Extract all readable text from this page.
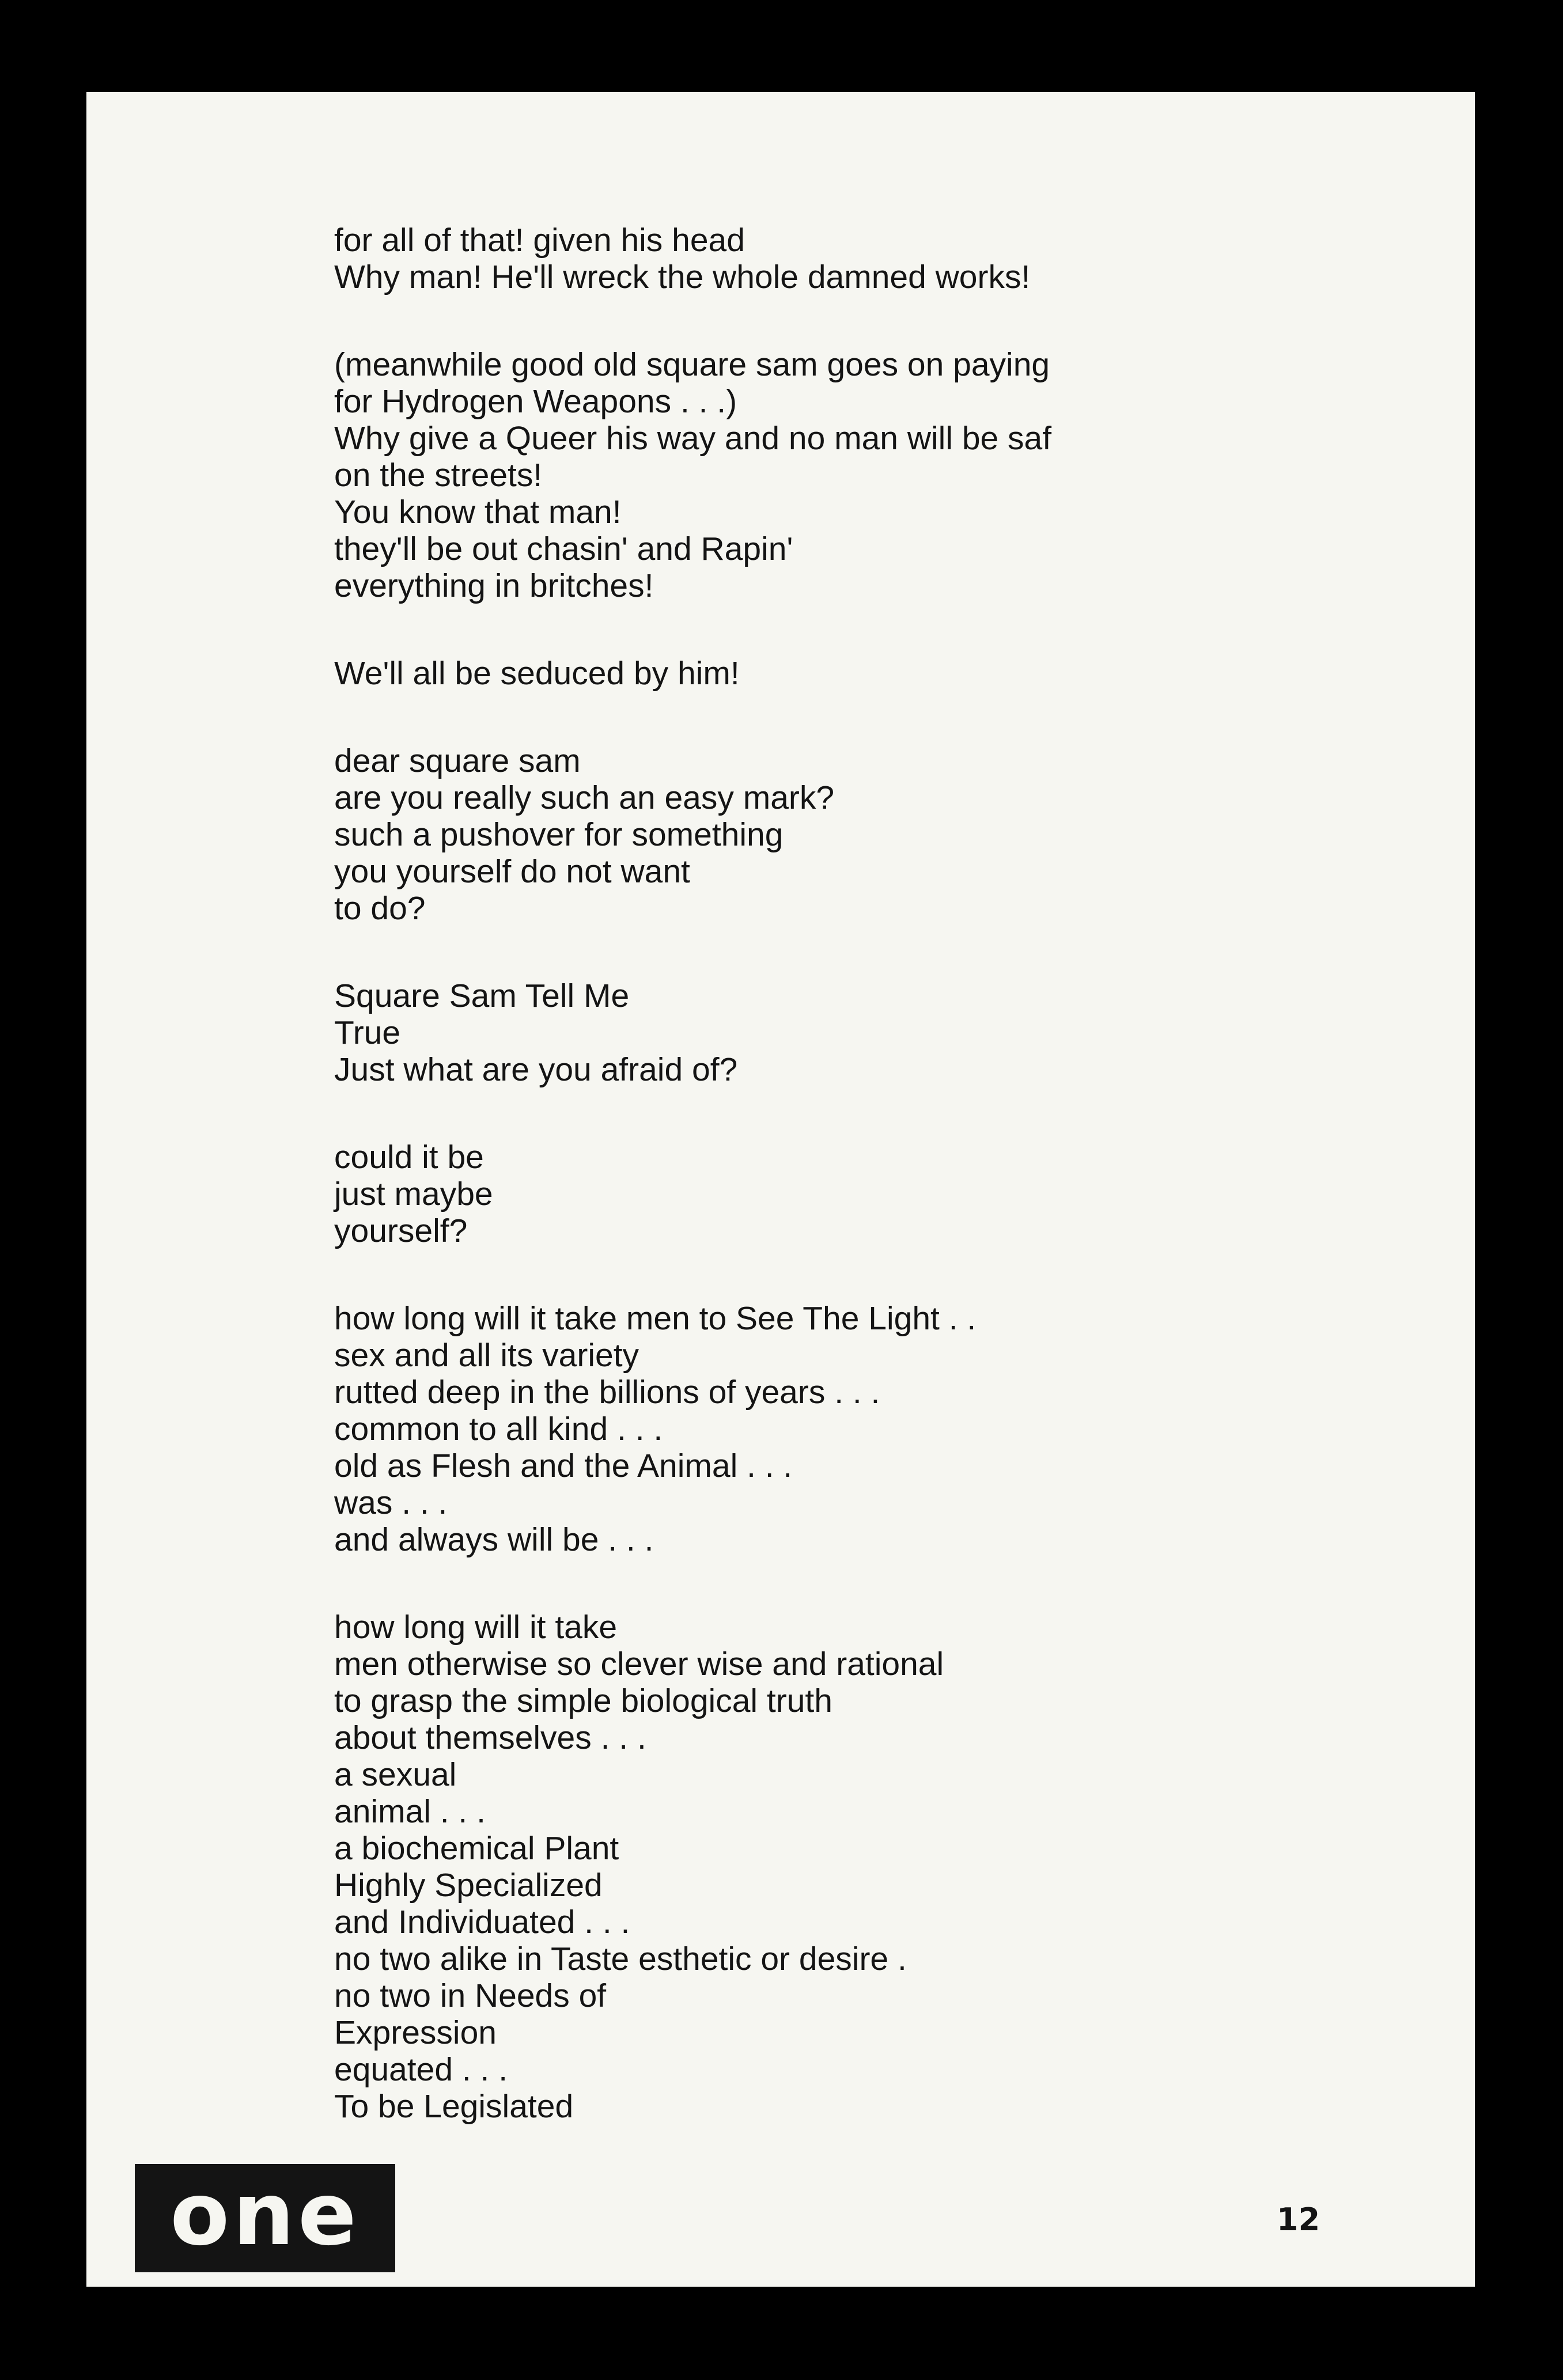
for all of that! given his head
Why man! He'll wreck the whole damned works!
(meanwhile good old square sam goes on paying
for Hydrogen Weapons . . .)
Why give a Queer his way and no man will be saf
on the streets!
You know that man!
they'll be out chasin' and Rapin'
everything in britches!
We'll all be seduced by him!
dear square sam
are you really such an easy mark?
such a pushover for something
you yourself do not want
to do?
Square Sam Tell Me
True
Just what are you afraid of?
could it be
just maybe
yourself?
how long will it take men to See The Light . .
sex and all its variety
rutted deep in the billions of years . . .
common to all kind . . .
old as Flesh and the Animal . . .
was . . .
and always will be . . .
how long will it take
men otherwise so clever wise and rational
to grasp the simple biological truth
about themselves . . .
a sexual
animal . . .
a biochemical Plant
Highly Specialized
and Individuated . . .
no two alike in Taste esthetic or desire .
no two in Needs of
Expression
equated . . .
To be Legislated
one	12
